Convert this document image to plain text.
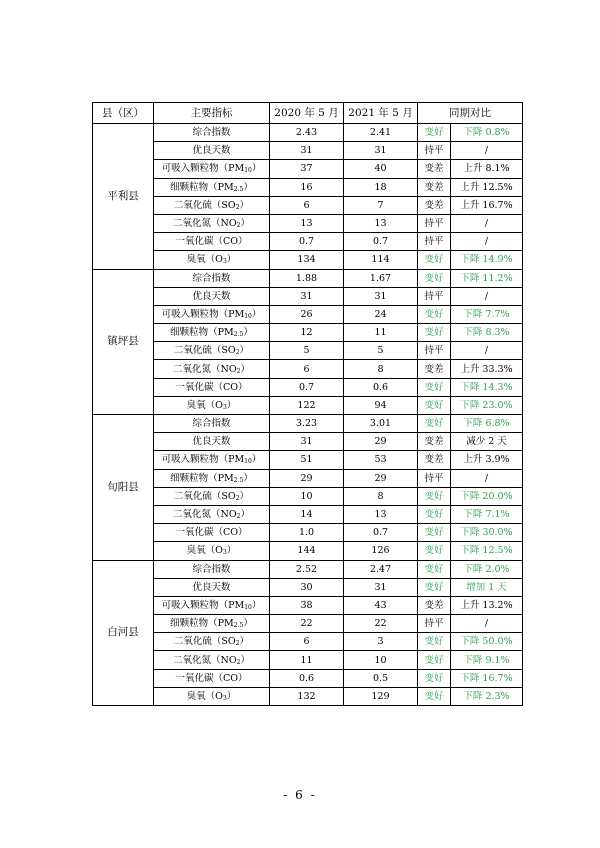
县（区）	主要指标	2020 年 5 月	2021 年 5 月	同期对比	
平利县	综合指数	2.43	2.41	变好	下降 0.8%
	优良天数	31	31	持平	/
	可吸入颗粒物$(PM_{10})$	37	40	变差	上升 8.1%
	细颗粒物$(PM_{2.5})$	16	18	变差	上升 12.5%
	二氧化硫$(SO_2)$	6	7	变差	上升 16.7%
	二氧化氮$(NO_2)$	13	13	持平	/
	一氧化碳（CO）	0.7	0.7	持平	/
	臭氧$(O_3)$	134	114	变好	下降 14.9%
镇坪县	综合指数	1.88	1.67	变好	下降 11.2%
	优良天数	31	31	持平	/
	可吸入颗粒物$(PM_{10})$	26	24	变好	下降 7.7%
	细颗粒物$(PM_{2.5})$	12	11	变好	下降 8.3%
	二氧化硫$(SO_2)$	5	5	持平	/
	二氧化氮$(NO_2)$	6	8	变差	上升 33.3%
	一氧化碳（CO）	0.7	0.6	变好	下降 14.3%
	臭氧$(O_3)$	122	94	变好	下降 23.0%
旬阳县	综合指数	3.23	3.01	变好	下降 6.8%
	优良天数	31	29	变差	减少 2 天
	可吸入颗粒物$(PM_{10})$	51	53	变差	上升 3.9%
	细颗粒物$(PM_{2.5})$	29	29	持平	/
	二氧化硫$(SO_2)$	10	8	变好	下降 20.0%
	二氧化氮$(NO_2)$	14	13	变好	下降 7.1%
	一氧化碳（CO）	1.0	0.7	变好	下降 30.0%
	臭氧$(O_3)$	144	126	变好	下降 12.5%
白河县	综合指数	2.52	2.47	变好	下降 2.0%
	优良天数	30	31	变好	增加 1 天
	可吸入颗粒物$(PM_{10})$	38	43	变差	上升 13.2%
	细颗粒物$(PM_{2.5})$	22	22	持平	/
	二氧化硫$(SO_2)$	6	3	变好	下降 50.0%
	二氧化氮$(NO_2)$	11	10	变好	下降 9.1%
	一氧化碳（CO）	0.6	0.5	变好	下降 16.7%
	臭氧$(O_3)$	132	129	变好	下降 2.3%
- 6 -
